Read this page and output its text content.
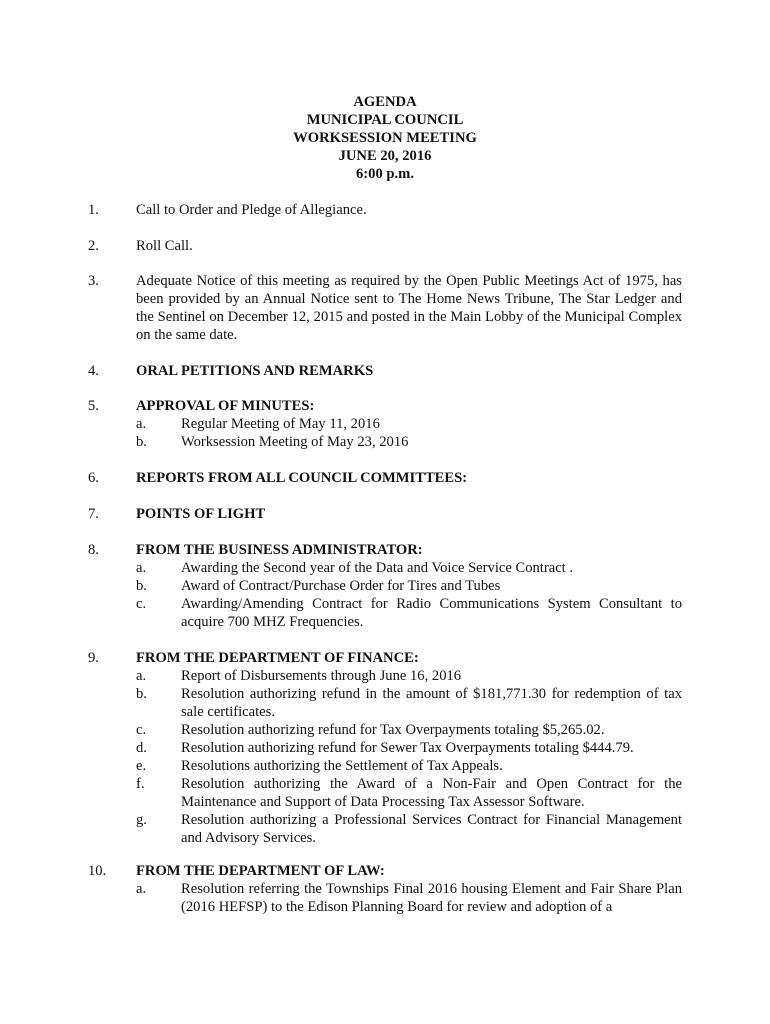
AGENDA
MUNICIPAL COUNCIL
WORKSESSION MEETING
JUNE 20, 2016
6:00 p.m.
1.	Call to Order and Pledge of Allegiance.
2.	Roll Call.
3.	Adequate Notice of this meeting as required by the Open Public Meetings Act of 1975, has been provided by an Annual Notice sent to The Home News Tribune, The Star Ledger and the Sentinel on December 12, 2015 and posted in the Main Lobby of the Municipal Complex on the same date.
4.	ORAL PETITIONS AND REMARKS
5.	APPROVAL OF MINUTES:
a. Regular Meeting of May 11, 2016
b. Worksession Meeting of May 23, 2016
6.	REPORTS FROM ALL COUNCIL COMMITTEES:
7.	POINTS OF LIGHT
8.	FROM THE BUSINESS ADMINISTRATOR:
a. Awarding the Second year of the Data and Voice Service Contract .
b. Award of Contract/Purchase Order for Tires and Tubes
c. Awarding/Amending Contract for Radio Communications System Consultant to acquire 700 MHZ Frequencies.
9.	FROM THE DEPARTMENT OF FINANCE:
a. Report of Disbursements through June 16, 2016
b. Resolution authorizing refund in the amount of $181,771.30 for redemption of tax sale certificates.
c. Resolution authorizing refund for Tax Overpayments totaling $5,265.02.
d. Resolution authorizing refund for Sewer Tax Overpayments totaling $444.79.
e. Resolutions authorizing the Settlement of Tax Appeals.
f. Resolution authorizing the Award of a Non-Fair and Open Contract for the Maintenance and Support of Data Processing Tax Assessor Software.
g. Resolution authorizing a Professional Services Contract for Financial Management and Advisory Services.
10. FROM THE DEPARTMENT OF LAW:
a. Resolution referring the Townships Final 2016 housing Element and Fair Share Plan (2016 HEFSP) to the Edison Planning Board for review and adoption of a
